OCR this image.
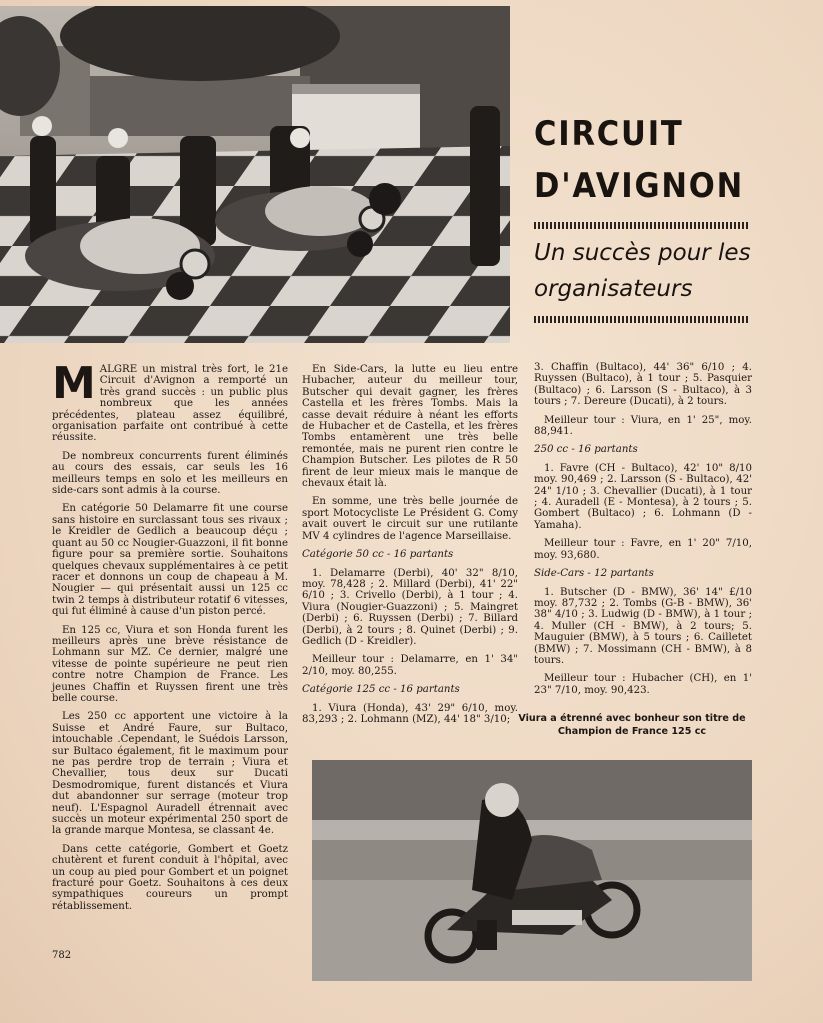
CIRCUIT
D'AVIGNON
Un succès pour les organisateurs

MALGRE un mistral très fort, le 21e Circuit d'Avignon a remporté un très grand succès : un public plus nombreux que les années précédentes, plateau assez équilibré, organisation parfaite ont contribué à cette réussite.

De nombreux concurrents furent éliminés au cours des essais, car seuls les 16 meilleurs temps en solo et les meilleurs en side-cars sont admis à la course.

En catégorie 50 Delamarre fit une course sans histoire en surclassant tous ses rivaux ; le Kreidler de Gedlich a beaucoup déçu ; quant au 50 cc Nougier-Guazzoni, il fit bonne figure pour sa première sortie. Souhaitons quelques chevaux supplémentaires à ce petit racer et donnons un coup de chapeau à M. Nougier — qui présentait aussi un 125 cc twin 2 temps à distributeur rotatif 6 vitesses, qui fut éliminé à cause d'un piston percé.

En 125 cc, Viura et son Honda furent les meilleurs après une brève résistance de Lohmann sur MZ. Ce dernier, malgré une vitesse de pointe supérieure ne peut rien contre notre Champion de France. Les jeunes Chaffin et Ruyssen firent une très belle course.

Les 250 cc apportent une victoire à la Suisse et André Faure, sur Bultaco, intouchable .Cependant, le Suédois Larsson, sur Bultaco également, fit le maximum pour ne pas perdre trop de terrain ; Viura et Chevallier, tous deux sur Ducati Desmodromique, furent distancés et Viura dut abandonner sur serrage (moteur trop neuf). L'Espagnol Auradell étrennait avec succès un moteur expérimental 250 sport de la grande marque Montesa, se classant 4e.

Dans cette catégorie, Gombert et Goetz chutèrent et furent conduit à l'hôpital, avec un coup au pied pour Gombert et un poignet fracturé pour Goetz. Souhaitons à ces deux sympathiques coureurs un prompt rétablissement.

En Side-Cars, la lutte eu lieu entre Hubacher, auteur du meilleur tour, Butscher qui devait gagner, les frères Castella et les frères Tombs. Mais la casse devait réduire à néant les efforts de Hubacher et de Castella, et les frères Tombs entamèrent une très belle remontée, mais ne purent rien contre le Champion Butscher. Les pilotes de R 50 firent de leur mieux mais le manque de chevaux était là.

En somme, une très belle journée de sport Motocycliste Le Président G. Comy avait ouvert le circuit sur une rutilante MV 4 cylindres de l'agence Marseillaise.

Catégorie 50 cc - 16 partants

1. Delamarre (Derbi), 40' 32" 8/10, moy. 78,428 ; 2. Millard (Derbi), 41' 22" 6/10 ; 3. Crivello (Derbi), à 1 tour ; 4. Viura (Nougier-Guazzoni) ; 5. Maingret (Derbi) ; 6. Ruyssen (Derbi) ; 7. Billard (Derbi), à 2 tours ; 8. Quinet (Derbi) ; 9. Gedlich (D - Kreidler).

Meilleur tour : Delamarre, en 1' 34" 2/10, moy. 80,255.

Catégorie 125 cc - 16 partants

1. Viura (Honda), 43' 29" 6/10, moy. 83,293 ; 2. Lohmann (MZ), 44' 18" 3/10;

3. Chaffin (Bultaco), 44' 36" 6/10 ; 4. Ruyssen (Bultaco), à 1 tour ; 5. Pasquier (Bultaco) ; 6. Larsson (S - Bultaco), à 3 tours ; 7. Dereure (Ducati), à 2 tours.

Meilleur tour : Viura, en 1' 25", moy. 88,941.

250 cc - 16 partants

1. Favre (CH - Bultaco), 42' 10" 8/10 moy. 90,469 ; 2. Larsson (S - Bultaco), 42' 24" 1/10 ; 3. Chevallier (Ducati), à 1 tour ; 4. Auradell (E - Montesa), à 2 tours ; 5. Gombert (Bultaco) ; 6. Lohmann (D - Yamaha).

Meilleur tour : Favre, en 1' 20" 7/10, moy. 93,680.

Side-Cars - 12 partants

1. Butscher (D - BMW), 36' 14" £/10 moy. 87,732 ; 2. Tombs (G-B - BMW), 36' 38" 4/10 ; 3. Ludwig (D - BMW), à 1 tour ; 4. Muller (CH - BMW), à 2 tours; 5. Mauguier (BMW), à 5 tours ; 6. Cailletet (BMW) ; 7. Mossimann (CH - BMW), à 8 tours.

Meilleur tour : Hubacher (CH), en 1' 23" 7/10, moy. 90,423.

Viura a étrenné avec bonheur son titre de Champion de France 125 cc
782
